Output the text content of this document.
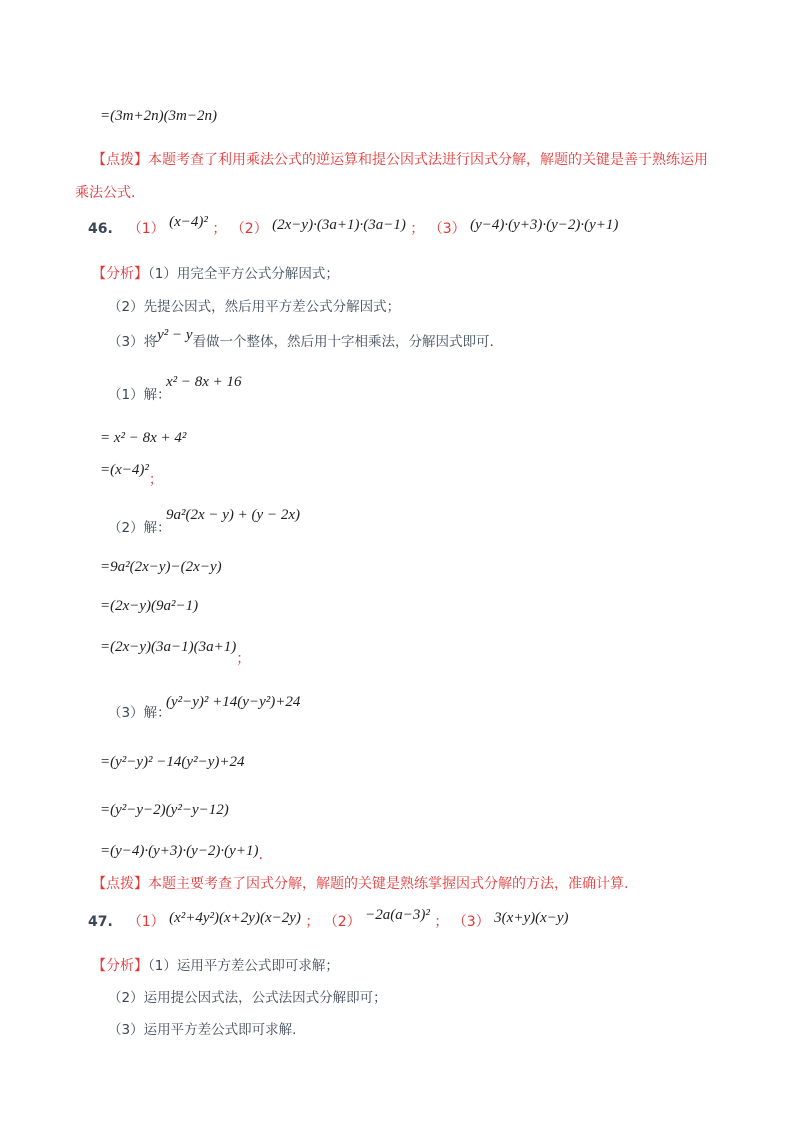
=(3m+2n)(3m−2n)
【点拨】本题考查了利用乘法公式的逆运算和提公因式法进行因式分解，解题的关键是善于熟练运用
乘法公式.
46. （1） (x−4)² ； （2） (2x−y)·(3a+1)·(3a−1) ； （3） (y−4)·(y+3)·(y−2)·(y+1)
【分析】（1）用完全平方公式分解因式；
（2）先提公因式，然后用平方差公式分解因式；
（3）将y² − y看做一个整体，然后用十字相乘法，分解因式即可.
（1）解：
x² − 8x + 16
= x² − 8x + 4²
=(x−4)²；
（2）解：
9a²(2x − y) + (y − 2x)
=9a²(2x−y)−(2x−y)
=(2x−y)(9a²−1)
=(2x−y)(3a−1)(3a+1)；
（3）解：
(y²−y)² +14(y−y²)+24
=(y²−y)² −14(y²−y)+24
=(y²−y−2)(y²−y−12)
=(y−4)·(y+3)·(y−2)·(y+1).
【点拨】本题主要考查了因式分解，解题的关键是熟练掌握因式分解的方法，准确计算.
47. （1） (x²+4y²)(x+2y)(x−2y) ； （2） −2a(a−3)² ； （3） 3(x+y)(x−y)
【分析】（1）运用平方差公式即可求解；
（2）运用提公因式法，公式法因式分解即可；
（3）运用平方差公式即可求解.
